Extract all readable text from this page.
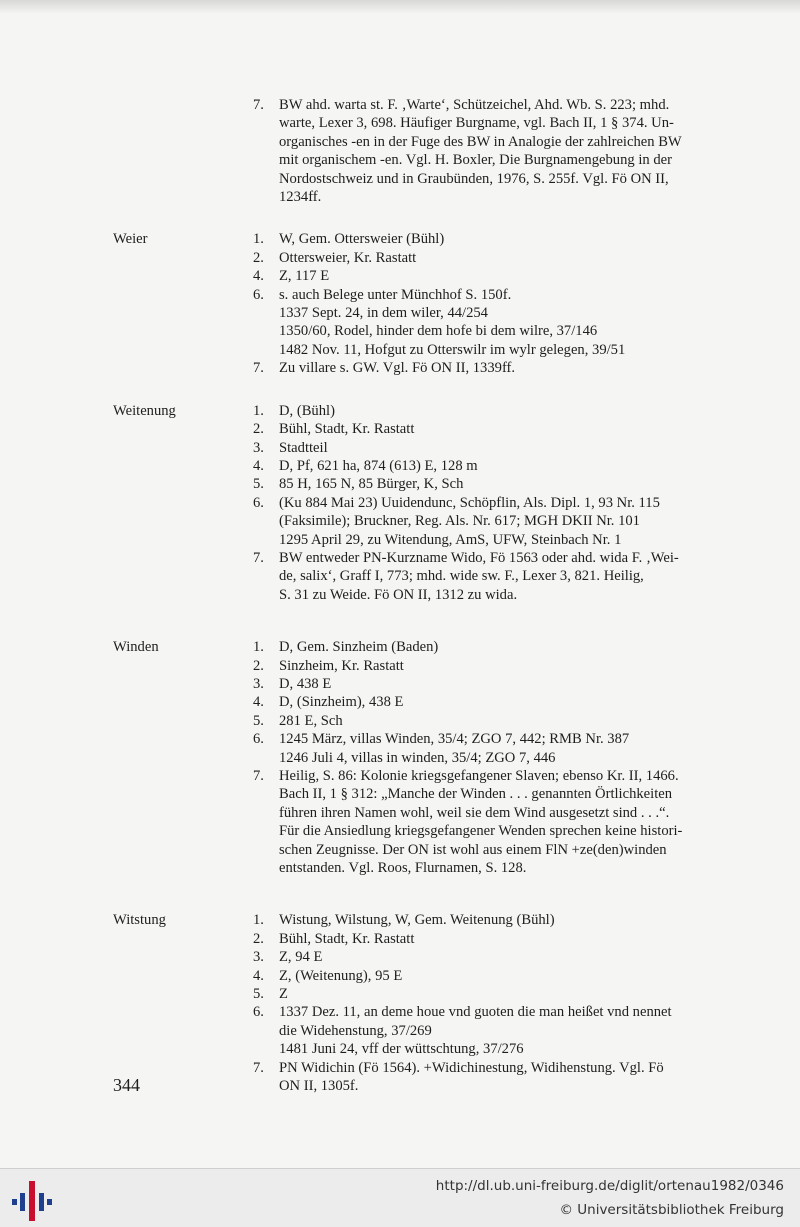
7. BW ahd. warta st. F. ‚Warte‘, Schützeichel, Ahd. Wb. S. 223; mhd.
warte, Lexer 3, 698. Häufiger Burgname, vgl. Bach II, 1 § 374. Un-
organisches -en in der Fuge des BW in Analogie der zahlreichen BW
mit organischem -en. Vgl. H. Boxler, Die Burgnamengebung in der
Nordostschweiz und in Graubünden, 1976, S. 255f. Vgl. Fö ON II,
1234ff.
Weier	1. W, Gem. Ottersweier (Bühl)
2. Ottersweier, Kr. Rastatt
4. Z, 117 E
6. s. auch Belege unter Münchhof S. 150f.
1337 Sept. 24, in dem wiler, 44/254
1350/60, Rodel, hinder dem hofe bi dem wilre, 37/146
1482 Nov. 11, Hofgut zu Otterswilr im wylr gelegen, 39/51
7. Zu villare s. GW. Vgl. Fö ON II, 1339ff.
Weitenung	1. D, (Bühl)
2. Bühl, Stadt, Kr. Rastatt
3. Stadtteil
4. D, Pf, 621 ha, 874 (613) E, 128 m
5. 85 H, 165 N, 85 Bürger, K, Sch
6. (Ku 884 Mai 23) Uuidendunc, Schöpflin, Als. Dipl. 1, 93 Nr. 115
(Faksimile); Bruckner, Reg. Als. Nr. 617; MGH DKII Nr. 101
1295 April 29, zu Witendung, AmS, UFW, Steinbach Nr. 1
7. BW entweder PN-Kurzname Wido, Fö 1563 oder ahd. wida F. ‚Wei-
de, salix‘, Graff I, 773; mhd. wide sw. F., Lexer 3, 821. Heilig,
S. 31 zu Weide. Fö ON II, 1312 zu wida.
Winden	1. D, Gem. Sinzheim (Baden)
2. Sinzheim, Kr. Rastatt
3. D, 438 E
4. D, (Sinzheim), 438 E
5. 281 E, Sch
6. 1245 März, villas Winden, 35/4; ZGO 7, 442; RMB Nr. 387
1246 Juli 4, villas in winden, 35/4; ZGO 7, 446
7. Heilig, S. 86: Kolonie kriegsgefangener Slaven; ebenso Kr. II, 1466.
Bach II, 1 § 312: „Manche der Winden . . . genannten Örtlichkeiten
führen ihren Namen wohl, weil sie dem Wind ausgesetzt sind . . .“.
Für die Ansiedlung kriegsgefangener Wenden sprechen keine histori-
schen Zeugnisse. Der ON ist wohl aus einem FlN +ze(den)winden
entstanden. Vgl. Roos, Flurnamen, S. 128.
Witstung	1. Wistung, Wilstung, W, Gem. Weitenung (Bühl)
2. Bühl, Stadt, Kr. Rastatt
3. Z, 94 E
4. Z, (Weitenung), 95 E
5. Z
6. 1337 Dez. 11, an deme houe vnd guoten die man heißet vnd nennet
die Widehenstung, 37/269
1481 Juni 24, vff der wüttschtung, 37/276
7. PN Widichin (Fö 1564). +Widichinestung, Widihenstung. Vgl. Fö
ON II, 1305f.
344
http://dl.ub.uni-freiburg.de/diglit/ortenau1982/0346
© Universitätsbibliothek Freiburg
